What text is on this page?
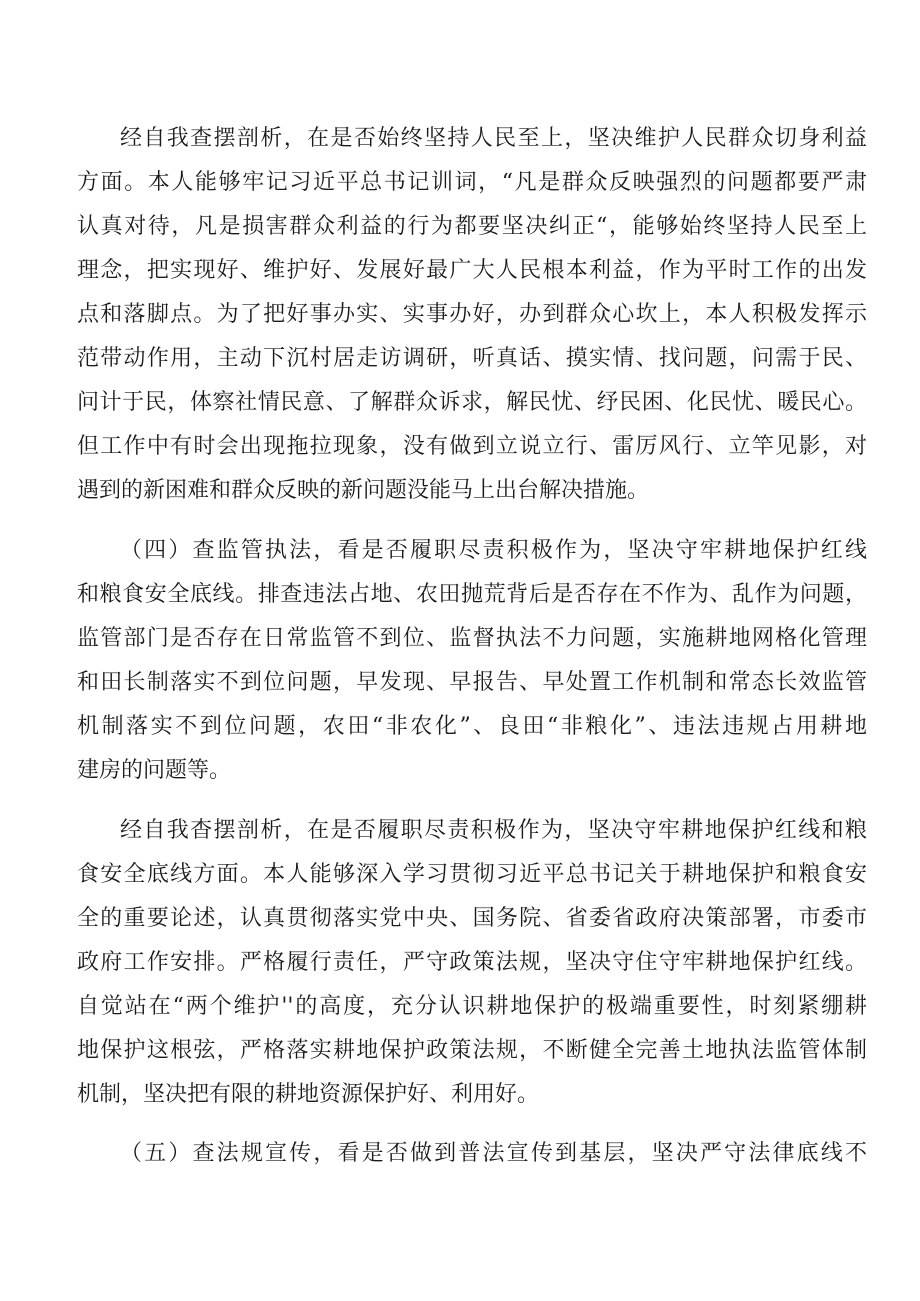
经自我查摆剖析，在是否始终坚持人民至上，坚决维护人民群众切身利益

方面。本人能够牢记习近平总书记训词，“凡是群众反映强烈的问题都要严肃

认真对待，凡是损害群众利益的行为都要坚决纠正“，能够始终坚持人民至上

理念，把实现好、维护好、发展好最广大人民根本利益，作为平时工作的出发

点和落脚点。为了把好事办实、实事办好，办到群众心坎上，本人积极发挥示

范带动作用，主动下沉村居走访调研，听真话、摸实情、找问题，问需于民、

问计于民，体察社情民意、了解群众诉求，解民忧、纾民困、化民忧、暖民心。

但工作中有时会出现拖拉现象，没有做到立说立行、雷厉风行、立竿见影，对

遇到的新困难和群众反映的新问题没能马上出台解决措施。

（四）查监管执法，看是否履职尽责积极作为，坚决守牢耕地保护红线

和粮食安全底线。排查违法占地、农田抛荒背后是否存在不作为、乱作为问题，

监管部门是否存在日常监管不到位、监督执法不力问题，实施耕地网格化管理

和田长制落实不到位问题，早发现、早报告、早处置工作机制和常态长效监管

机制落实不到位问题，农田“非农化”、良田“非粮化”、违法违规占用耕地

建房的问题等。

经自我杳摆剖析，在是否履职尽责积极作为，坚决守牢耕地保护红线和粮

食安全底线方面。本人能够深入学习贯彻习近平总书记关于耕地保护和粮食安

全的重要论述，认真贯彻落实党中央、国务院、省委省政府决策部署，市委市

政府工作安排。严格履行责任，严守政策法规，坚决守住守牢耕地保护红线。

自觉站在“两个维护''的高度，充分认识耕地保护的极端重要性，时刻紧绷耕

地保护这根弦，严格落实耕地保护政策法规，不断健全完善土地执法监管体制

机制，坚决把有限的耕地资源保护好、利用好。

（五）查法规宣传，看是否做到普法宣传到基层，坚决严守法律底线不
